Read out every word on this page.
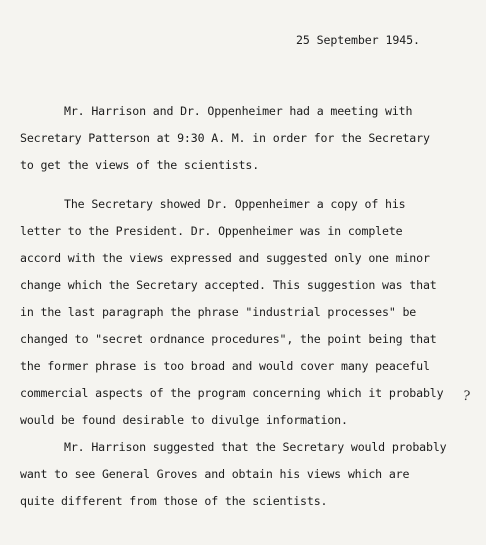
25 September 1945.
Mr. Harrison and Dr. Oppenheimer had a meeting with
Secretary Patterson at 9:30 A. M. in order for the Secretary
to get the views of the scientists.
The Secretary showed Dr. Oppenheimer a copy of his
letter to the President. Dr. Oppenheimer was in complete
accord with the views expressed and suggested only one minor
change which the Secretary accepted. This suggestion was that
in the last paragraph the phrase "industrial processes" be
changed to "secret ordnance procedures", the point being that
the former phrase is too broad and would cover many peaceful
commercial aspects of the program concerning which it probably
would be found desirable to divulge information.
Mr. Harrison suggested that the Secretary would probably
want to see General Groves and obtain his views which are
quite different from those of the scientists.
?
